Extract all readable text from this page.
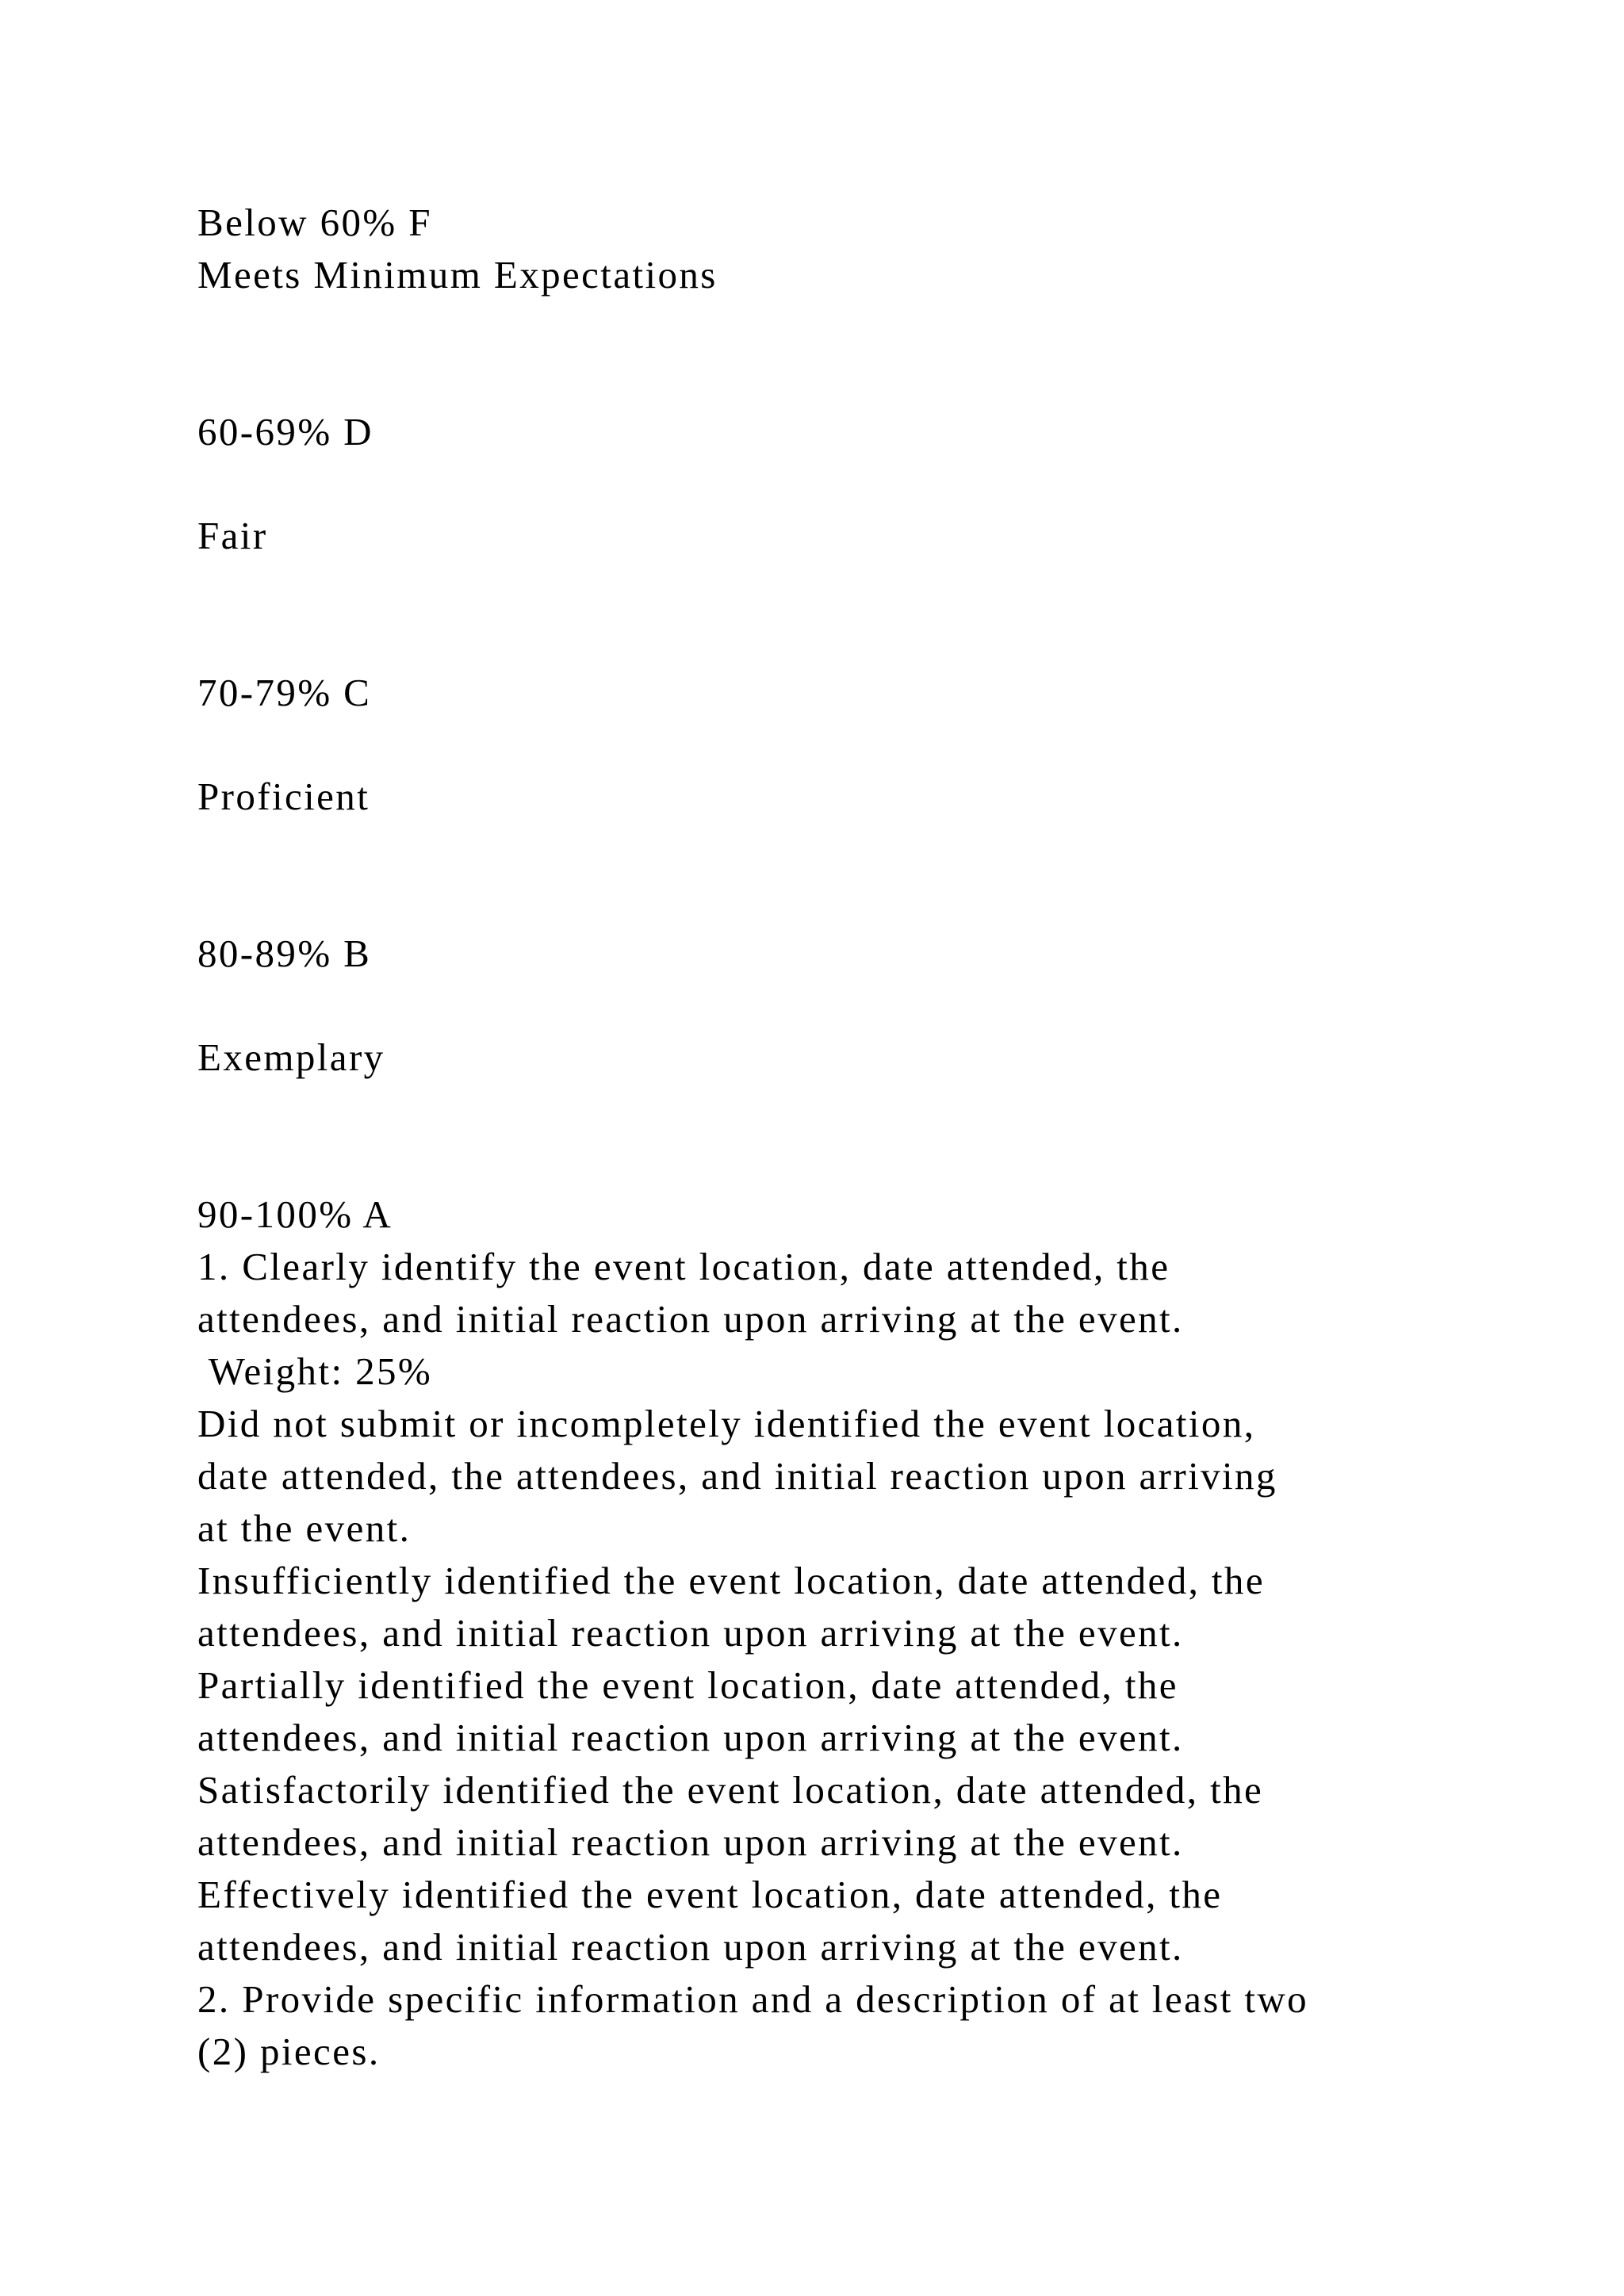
Below 60% F

Meets Minimum Expectations

60-69% D

Fair

70-79% C

Proficient

80-89% B

Exemplary

90-100% A

1. Clearly identify the event location, date attended, the

attendees, and initial reaction upon arriving at the event.

Weight: 25%

Did not submit or incompletely identified the event location,

date attended, the attendees, and initial reaction upon arriving

at the event.

Insufficiently identified the event location, date attended, the

attendees, and initial reaction upon arriving at the event.

Partially identified the event location, date attended, the

attendees, and initial reaction upon arriving at the event.

Satisfactorily identified the event location, date attended, the

attendees, and initial reaction upon arriving at the event.

Effectively identified the event location, date attended, the

attendees, and initial reaction upon arriving at the event.

2. Provide specific information and a description of at least two

(2) pieces.
